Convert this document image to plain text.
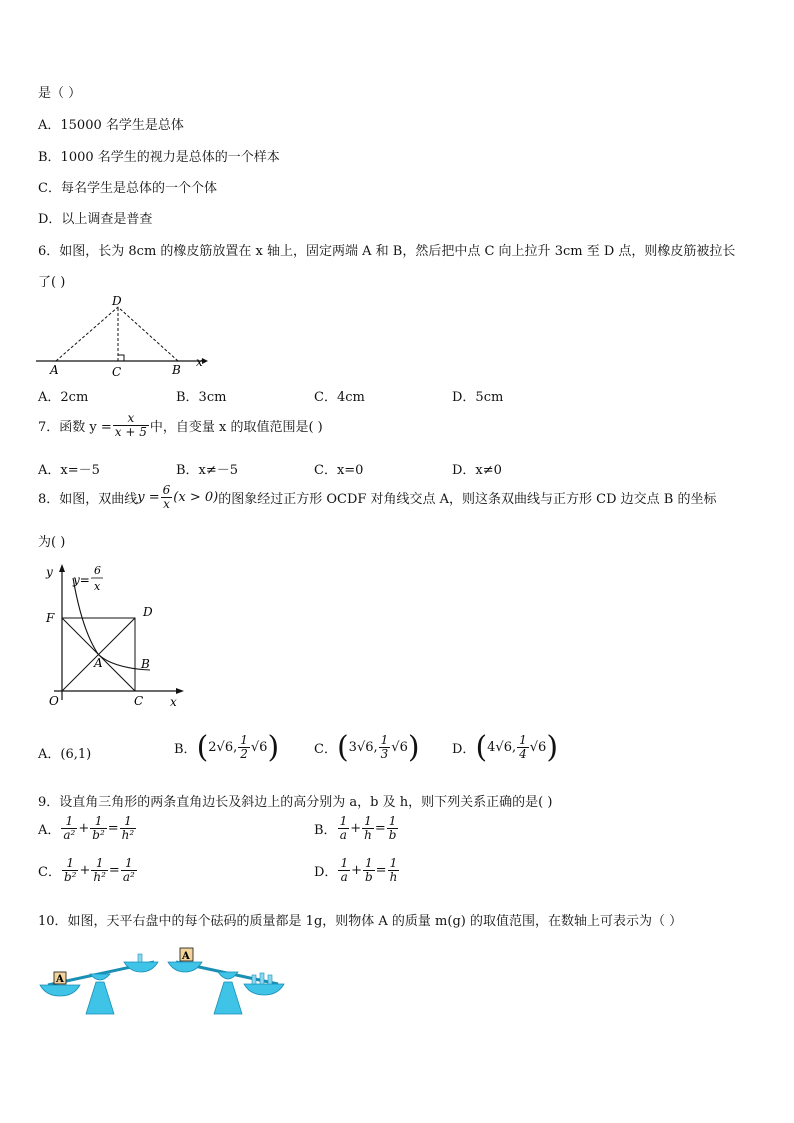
是（ ）
A．15000 名学生是总体
B．1000 名学生的视力是总体的一个样本
C．每名学生是总体的一个个体
D．以上调查是普查
6．如图，长为 8cm 的橡皮筋放置在 x 轴上，固定两端 A 和 B，然后把中点 C 向上拉升 3cm 至 D 点，则橡皮筋被拉长
了( )
D
A	C	B
x
A．2cm	B．3cm	C．4cm	D．5cm
7．函数 $y = \frac{x}{x + 5}$ 中，自变量 x 的取值范围是( )
A．x=－5	B．x≠－5	C．x=0	D．x≠0
8．如图，双曲线 $y = \frac{6}{x} (x > 0)$ 的图象经过正方形 OCDF 对角线交点 A，则这条双曲线与正方形 CD 边交点 B 的坐标
为( )
y
y=
6
x
F	D
A	B
O	C x
A．(6,1)	B． ( 2√6 , $\frac{1}{2} √6$ )	C． ( 3√6 , $\frac{1}{3} √6$ ) D． ( 4√6 , $\frac{1}{4} √6$ )
9．设直角三角形的两条直角边长及斜边上的高分别为 a，b 及 h，则下列关系正确的是( )
A． $\frac{1}{\text{a²}} + \frac{1}{\text{b²}} = \frac{1}{\text{h²}}$	B． $\frac{1}{a} + \frac{1}{h} = \frac{1}{b}$
C． $\frac{1}{\text{b²}} + \frac{1}{\text{h²}} = \frac{1}{\text{a²}}$	D． $\frac{1}{a} + \frac{1}{b} = \frac{1}{h}$
10．如图，天平右盘中的每个砝码的质量都是 1g，则物体 A 的质量 m(g) 的取值范围，在数轴上可表示为（ ）
A
A
